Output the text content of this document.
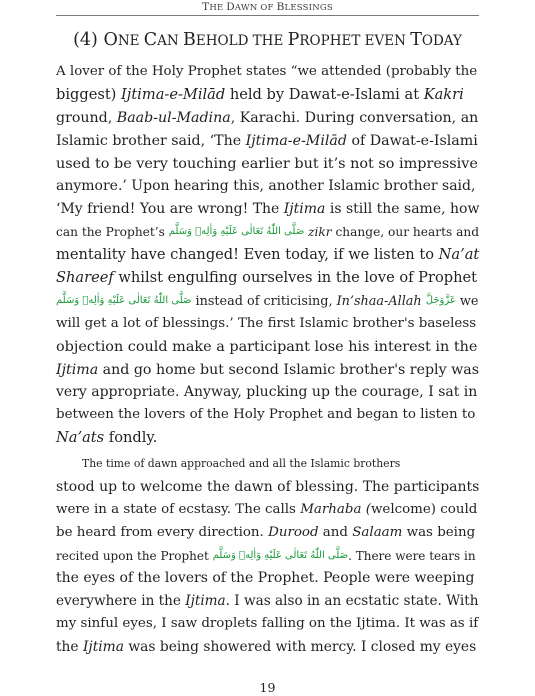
THE DAWN OF BLESSINGS
(4) ONE CAN BEHOLD THE PROPHET EVEN TODAY
A lover of the Holy Prophet states “we attended (probably the
biggest) Ijtima-e-Milād held by Dawat-e-Islami at Kakri
ground, Baab-ul-Madina, Karachi. During conversation, an
Islamic brother said, ‘The Ijtima-e-Milād of Dawat-e-Islami
used to be very touching earlier but it’s not so impressive
anymore.’ Upon hearing this, another Islamic brother said,
‘My friend! You are wrong! The Ijtima is still the same, how
can the Prophet’s صَلَّى اللّٰهُ تَعَالٰى عَلَيْهِ وَاٰلِهٖ وَسَلَّم zikr change, our hearts and
mentality have changed! Even today, if we listen to Na’at
Shareef whilst engulfing ourselves in the love of Prophet
صَلَّى اللّٰهُ تَعَالٰى عَلَيْهِ وَاٰلِهٖ وَسَلَّم instead of criticising, In’shaa-Allah عَزَّوَجَلَّ we
will get a lot of blessings.’ The first Islamic brother's baseless
objection could make a participant lose his interest in the
Ijtima and go home but second Islamic brother's reply was
very appropriate. Anyway, plucking up the courage, I sat in
between the lovers of the Holy Prophet and began to listen to
Na’ats fondly.
The time of dawn approached and all the Islamic brothers
stood up to welcome the dawn of blessing. The participants
were in a state of ecstasy. The calls Marhaba (welcome) could
be heard from every direction. Durood and Salaam was being
recited upon the Prophet صَلَّى اللّٰهُ تَعَالٰى عَلَيْهِ وَاٰلِهٖ وَسَلَّم. There were tears in
the eyes of the lovers of the Prophet. People were weeping
everywhere in the Ijtima. I was also in an ecstatic state. With
my sinful eyes, I saw droplets falling on the Ijtima. It was as if
the Ijtima was being showered with mercy. I closed my eyes
19
